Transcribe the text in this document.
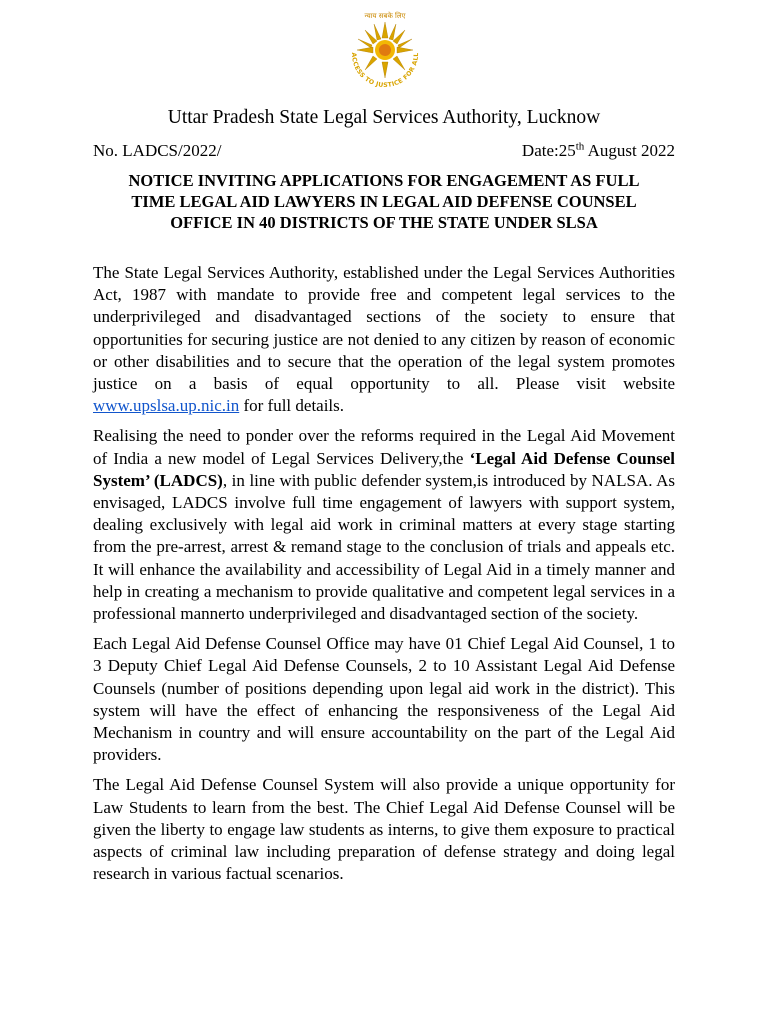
न्याय सबके लिए
ACCESS TO JUSTICE FOR ALL
Uttar Pradesh State Legal Services Authority, Lucknow
No. LADCS/2022/	Date:25th August 2022
NOTICE INVITING APPLICATIONS FOR ENGAGEMENT AS FULL
TIME LEGAL AID LAWYERS IN LEGAL AID DEFENSE COUNSEL
OFFICE IN 40 DISTRICTS OF THE STATE UNDER SLSA

The State Legal Services Authority, established under the Legal Services Authorities Act, 1987 with mandate to provide free and competent legal services to the underprivileged and disadvantaged sections of the society to ensure that opportunities for securing justice are not denied to any citizen by reason of economic or other disabilities and to secure that the operation of the legal system promotes justice on a basis of equal opportunity to all. Please visit website www.upslsa.up.nic.in for full details.

Realising the need to ponder over the reforms required in the Legal Aid Movement of India a new model of Legal Services Delivery,the ‘Legal Aid Defense Counsel System’ (LADCS), in line with public defender system,is introduced by NALSA. As envisaged, LADCS involve full time engagement of lawyers with support system, dealing exclusively with legal aid work in criminal matters at every stage starting from the pre-arrest, arrest & remand stage to the conclusion of trials and appeals etc. It will enhance the availability and accessibility of Legal Aid in a timely manner and help in creating a mechanism to provide qualitative and competent legal services in a professional mannerto underprivileged and disadvantaged section of the society.

Each Legal Aid Defense Counsel Office may have 01 Chief Legal Aid Counsel, 1 to 3 Deputy Chief Legal Aid Defense Counsels, 2 to 10 Assistant Legal Aid Defense Counsels (number of positions depending upon legal aid work in the district). This system will have the effect of enhancing the responsiveness of the Legal Aid Mechanism in country and will ensure accountability on the part of the Legal Aid providers.

The Legal Aid Defense Counsel System will also provide a unique opportunity for Law Students to learn from the best. The Chief Legal Aid Defense Counsel will be given the liberty to engage law students as interns, to give them exposure to practical aspects of criminal law including preparation of defense strategy and doing legal research in various factual scenarios.
